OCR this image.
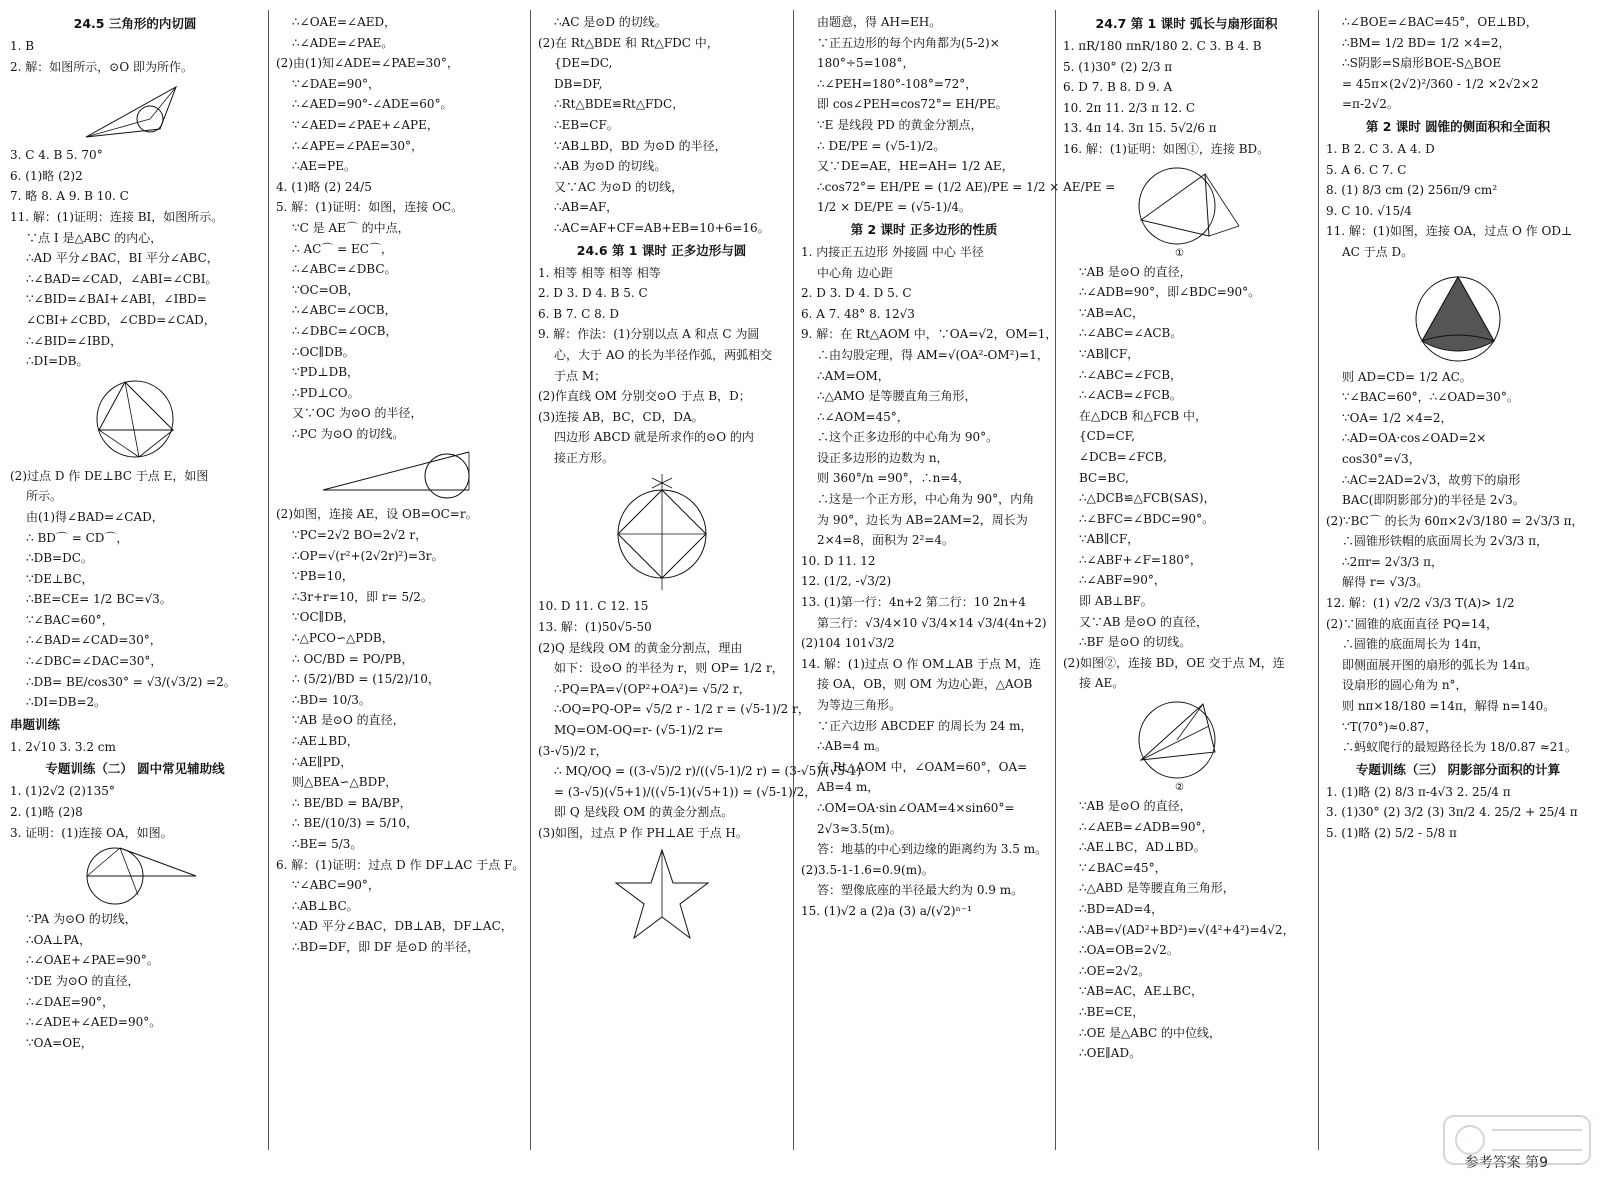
24.5 三角形的内切圆
1. B
2. 解：如图所示，⊙O 即为所作。
3. C 4. B 5. 70°
6. (1)略 (2)2
7. 略 8. A 9. B 10. C
11. 解：(1)证明：连接 BI，如图所示。
∵点 I 是△ABC 的内心，
∴AD 平分∠BAC，BI 平分∠ABC，
∴∠BAD=∠CAD，∠ABI=∠CBI。
∵∠BID=∠BAI+∠ABI，∠IBD=
∠CBI+∠CBD，∠CBD=∠CAD，
∴∠BID=∠IBD，
∴DI=DB。
(2)过点 D 作 DE⊥BC 于点 E，如图
所示。
由(1)得∠BAD=∠CAD，
∴ BD⌒ = CD⌒，
∴DB=DC。
∵DE⊥BC，
∴BE=CE= 1/2 BC=√3。
∵∠BAC=60°，
∴∠BAD=∠CAD=30°，
∴∠DBC=∠DAC=30°，
∴DB= BE/cos30° = √3/(√3/2) =2。
∴DI=DB=2。
串题训练
1. 2√10 3. 3.2 cm
专题训练（二） 圆中常见辅助线
1. (1)2√2 (2)135°
2. (1)略 (2)8
3. 证明：(1)连接 OA，如图。
∵PA 为⊙O 的切线，
∴OA⊥PA，
∴∠OAE+∠PAE=90°。
∵DE 为⊙O 的直径，
∴∠DAE=90°，
∴∠ADE+∠AED=90°。
∵OA=OE，
∴∠OAE=∠AED，
∴∠ADE=∠PAE。
(2)由(1)知∠ADE=∠PAE=30°，
∵∠DAE=90°，
∴∠AED=90°-∠ADE=60°。
∵∠AED=∠PAE+∠APE，
∴∠APE=∠PAE=30°，
∴AE=PE。
4. (1)略 (2) 24/5
5. 解：(1)证明：如图，连接 OC。
∵C 是 AE⌒ 的中点，
∴ AC⌒ = EC⌒，
∴∠ABC=∠DBC。
∵OC=OB，
∴∠ABC=∠OCB，
∴∠DBC=∠OCB，
∴OC∥DB。
∵PD⊥DB，
∴PD⊥CO。
又∵OC 为⊙O 的半径，
∴PC 为⊙O 的切线。
(2)如图，连接 AE，设 OB=OC=r。
∵PC=2√2 BO=2√2 r，
∴OP=√(r²+(2√2r)²)=3r。
∵PB=10，
∴3r+r=10，即 r= 5/2。
∵OC∥DB，
∴△PCO∽△PDB，
∴ OC/BD = PO/PB，
∴ (5/2)/BD = (15/2)/10，
∴BD= 10/3。
∵AB 是⊙O 的直径，
∴AE⊥BD，
∴AE∥PD，
则△BEA∽△BDP，
∴ BE/BD = BA/BP，
∴ BE/(10/3) = 5/10，
∴BE= 5/3。
6. 解：(1)证明：过点 D 作 DF⊥AC 于点 F。
∵∠ABC=90°，
∴AB⊥BC。
∵AD 平分∠BAC，DB⊥AB，DF⊥AC，
∴BD=DF，即 DF 是⊙D 的半径，
∴AC 是⊙D 的切线。
(2)在 Rt△BDE 和 Rt△FDC 中，
{DE=DC,
DB=DF,
∴Rt△BDE≌Rt△FDC，
∴EB=CF。
∵AB⊥BD，BD 为⊙D 的半径，
∴AB 为⊙D 的切线。
又∵AC 为⊙D 的切线，
∴AB=AF，
∴AC=AF+CF=AB+EB=10+6=16。
24.6 第 1 课时 正多边形与圆
1. 相等 相等 相等 相等
2. D 3. D 4. B 5. C
6. B 7. C 8. D
9. 解：作法：(1)分别以点 A 和点 C 为圆
心，大于 AO 的长为半径作弧，两弧相交
于点 M；
(2)作直线 OM 分别交⊙O 于点 B，D；
(3)连接 AB，BC，CD，DA。
四边形 ABCD 就是所求作的⊙O 的内
接正方形。
10. D 11. C 12. 15
13. 解：(1)50√5-50
(2)Q 是线段 OM 的黄金分割点，理由
如下：设⊙O 的半径为 r，则 OP= 1/2 r，
∴PQ=PA=√(OP²+OA²)= √5/2 r，
∴OQ=PQ-OP= √5/2 r - 1/2 r = (√5-1)/2 r，
MQ=OM-OQ=r- (√5-1)/2 r=
(3-√5)/2 r，
∴ MQ/OQ = ((3-√5)/2 r)/((√5-1)/2 r) = (3-√5)/(√5-1)
= (3-√5)(√5+1)/((√5-1)(√5+1)) = (√5-1)/2，
即 Q 是线段 OM 的黄金分割点。
(3)如图，过点 P 作 PH⊥AE 于点 H。
由题意，得 AH=EH。
∵正五边形的每个内角都为(5-2)×
180°÷5=108°，
∴∠PEH=180°-108°=72°，
即 cos∠PEH=cos72°= EH/PE。
∵E 是线段 PD 的黄金分割点，
∴ DE/PE = (√5-1)/2。
又∵DE=AE，HE=AH= 1/2 AE，
∴cos72°= EH/PE = (1/2 AE)/PE = 1/2 × AE/PE =
1/2 × DE/PE = (√5-1)/4。
第 2 课时 正多边形的性质
1. 内接正五边形 外接圆 中心 半径
中心角 边心距
2. D 3. D 4. D 5. C
6. A 7. 48° 8. 12√3
9. 解：在 Rt△AOM 中，∵OA=√2，OM=1，
∴由勾股定理，得 AM=√(OA²-OM²)=1，
∴AM=OM，
∴△AMO 是等腰直角三角形，
∴∠AOM=45°，
∴这个正多边形的中心角为 90°。
设正多边形的边数为 n，
则 360°/n =90°，∴n=4，
∴这是一个正方形，中心角为 90°，内角
为 90°，边长为 AB=2AM=2，周长为
2×4=8，面积为 2²=4。
10. D 11. 12
12. (1/2, -√3/2)
13. (1)第一行：4n+2 第二行：10 2n+4
第三行：√3/4×10 √3/4×14 √3/4(4n+2)
(2)104 101√3/2
14. 解：(1)过点 O 作 OM⊥AB 于点 M，连
接 OA，OB，则 OM 为边心距，△AOB
为等边三角形。
∵正六边形 ABCDEF 的周长为 24 m，
∴AB=4 m。
在 Rt△AOM 中，∠OAM=60°，OA=
AB=4 m，
∴OM=OA·sin∠OAM=4×sin60°=
2√3≈3.5(m)。
答：地基的中心到边缘的距离约为 3.5 m。
(2)3.5-1-1.6=0.9(m)。
答：塑像底座的半径最大约为 0.9 m。
15. (1)√2 a (2)a (3) a/(√2)ⁿ⁻¹
24.7 第 1 课时 弧长与扇形面积
1. πR/180 πnR/180 2. C 3. B 4. B
5. (1)30° (2) 2/3 π
6. D 7. B 8. D 9. A
10. 2π 11. 2/3 π 12. C
13. 4π 14. 3π 15. 5√2/6 π
16. 解：(1)证明：如图①，连接 BD。
①
∵AB 是⊙O 的直径，
∴∠ADB=90°，即∠BDC=90°。
∵AB=AC，
∴∠ABC=∠ACB。
∵AB∥CF，
∴∠ABC=∠FCB，
∴∠ACB=∠FCB。
在△DCB 和△FCB 中，
{CD=CF,
∠DCB=∠FCB,
BC=BC,
∴△DCB≌△FCB(SAS)，
∴∠BFC=∠BDC=90°。
∵AB∥CF，
∴∠ABF+∠F=180°，
∴∠ABF=90°，
即 AB⊥BF。
又∵AB 是⊙O 的直径，
∴BF 是⊙O 的切线。
(2)如图②，连接 BD，OE 交于点 M，连
接 AE。
②
∵AB 是⊙O 的直径，
∴∠AEB=∠ADB=90°，
∴AE⊥BC，AD⊥BD。
∵∠BAC=45°，
∴△ABD 是等腰直角三角形，
∴BD=AD=4，
∴AB=√(AD²+BD²)=√(4²+4²)=4√2，
∴OA=OB=2√2。
∴OE=2√2。
∵AB=AC，AE⊥BC，
∴BE=CE，
∴OE 是△ABC 的中位线，
∴OE∥AD。
∴∠BOE=∠BAC=45°，OE⊥BD，
∴BM= 1/2 BD= 1/2 ×4=2，
∴S阴影=S扇形BOE-S△BOE
= 45π×(2√2)²/360 - 1/2 ×2√2×2
=π-2√2。
第 2 课时 圆锥的侧面积和全面积
1. B 2. C 3. A 4. D
5. A 6. C 7. C
8. (1) 8/3 cm (2) 256π/9 cm²
9. C 10. √15/4
11. 解：(1)如图，连接 OA，过点 O 作 OD⊥
AC 于点 D。
则 AD=CD= 1/2 AC。
∵∠BAC=60°，∴∠OAD=30°。
∵OA= 1/2 ×4=2，
∴AD=OA·cos∠OAD=2×
cos30°=√3，
∴AC=2AD=2√3，故剪下的扇形
BAC(即阴影部分)的半径是 2√3。
(2)∵BC⌒ 的长为 60π×2√3/180 = 2√3/3 π，
∴圆锥形铁帽的底面周长为 2√3/3 π，
∴2πr= 2√3/3 π，
解得 r= √3/3。
12. 解：(1) √2/2 √3/3 T(A)> 1/2
(2)∵圆锥的底面直径 PQ=14，
∴圆锥的底面周长为 14π，
即侧面展开图的扇形的弧长为 14π。
设扇形的圆心角为 n°，
则 nπ×18/180 =14π，解得 n=140。
∵T(70°)≈0.87，
∴蚂蚁爬行的最短路径长为 18/0.87 ≈21。
专题训练（三） 阴影部分面积的计算
1. (1)略 (2) 8/3 π-4√3 2. 25/4 π
3. (1)30° (2) 3/2 (3) 3π/2 4. 25/2 + 25/4 π
5. (1)略 (2) 5/2 - 5/8 π
参考答案 第9
